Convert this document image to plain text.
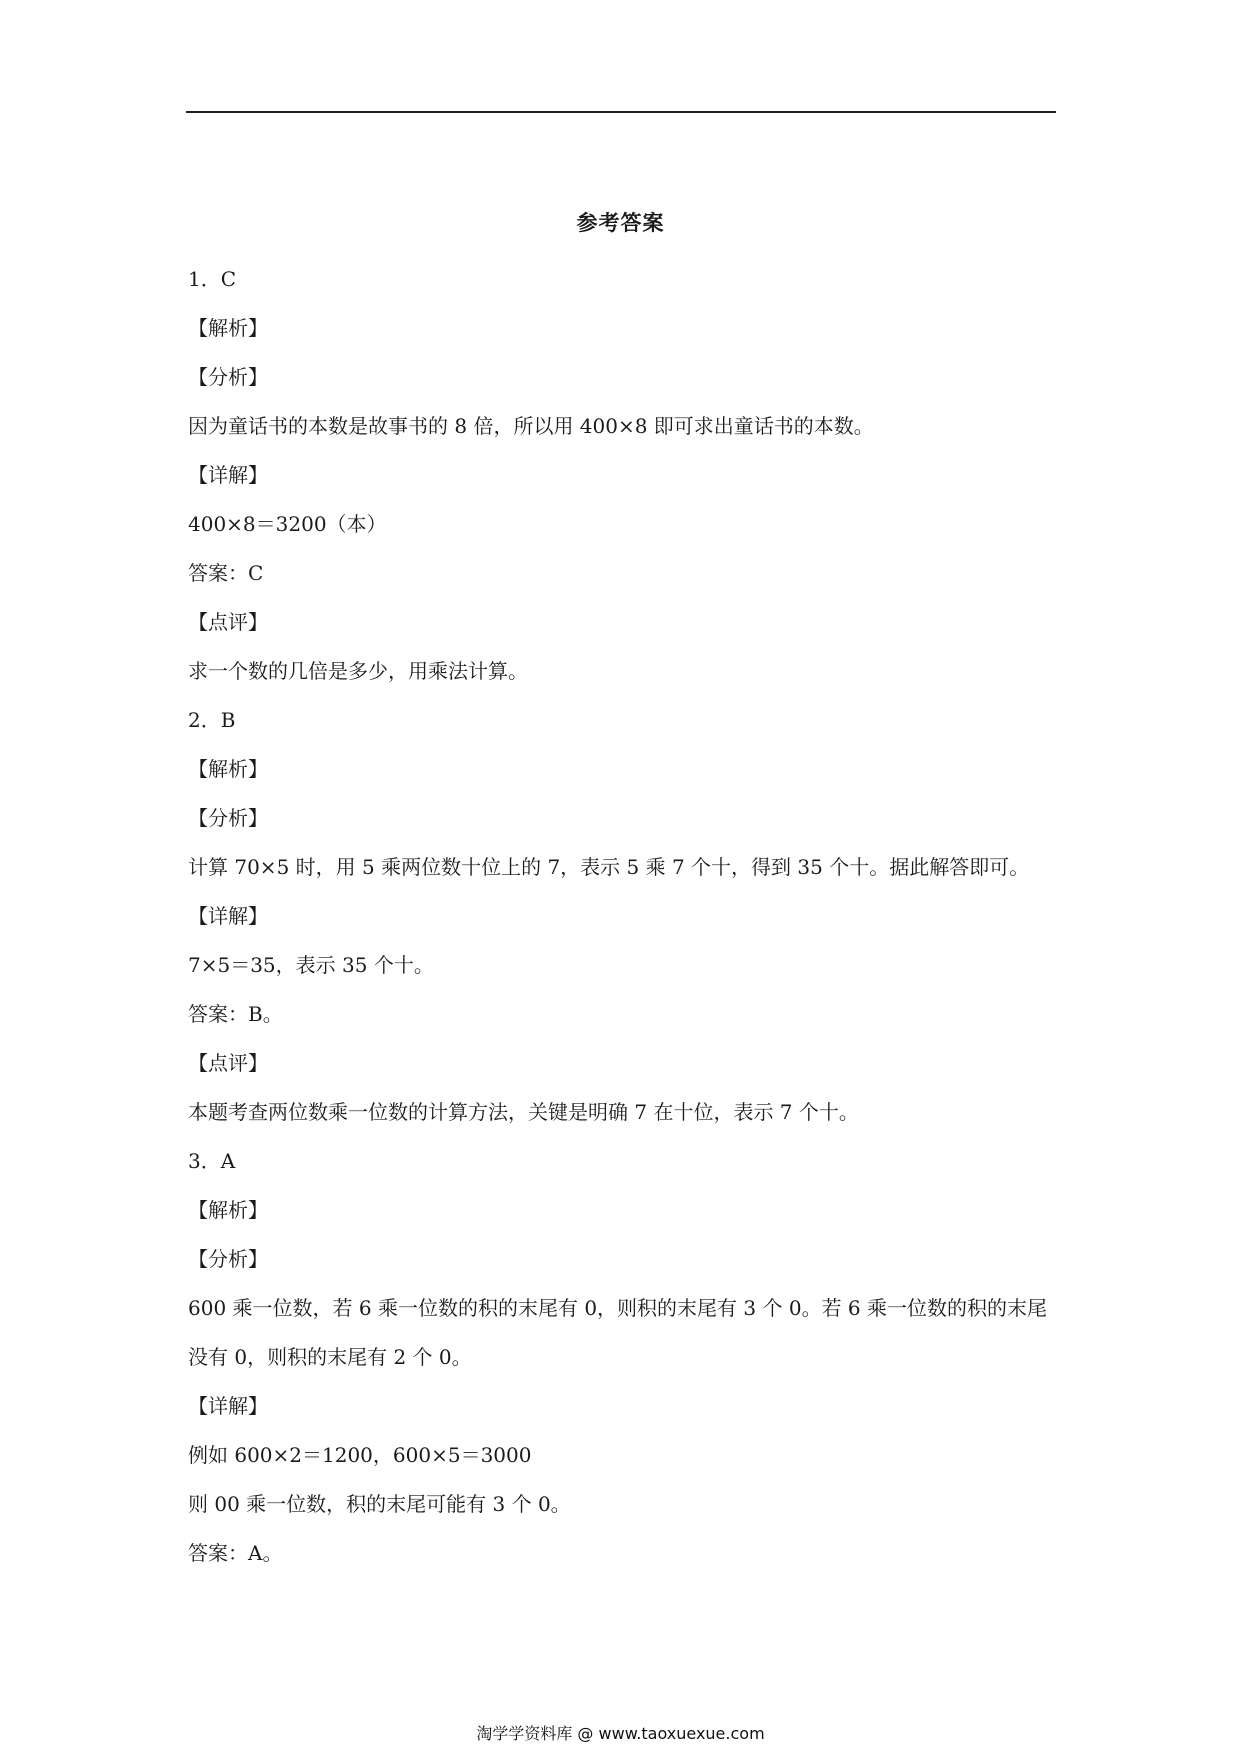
参考答案
1．C
【解析】
【分析】
因为童话书的本数是故事书的 8 倍，所以用 400×8 即可求出童话书的本数。
【详解】
400×8＝3200（本）
答案：C
【点评】
求一个数的几倍是多少，用乘法计算。
2．B
【解析】
【分析】
计算 70×5 时，用 5 乘两位数十位上的 7，表示 5 乘 7 个十，得到 35 个十。据此解答即可。
【详解】
7×5＝35，表示 35 个十。
答案：B。
【点评】
本题考查两位数乘一位数的计算方法，关键是明确 7 在十位，表示 7 个十。
3．A
【解析】
【分析】
600 乘一位数，若 6 乘一位数的积的末尾有 0，则积的末尾有 3 个 0。若 6 乘一位数的积的末尾没有 0，则积的末尾有 2 个 0。
【详解】
例如 600×2＝1200，600×5＝3000
则 00 乘一位数，积的末尾可能有 3 个 0。
答案：A。
淘学学资料库 @ www.taoxuexue.com
